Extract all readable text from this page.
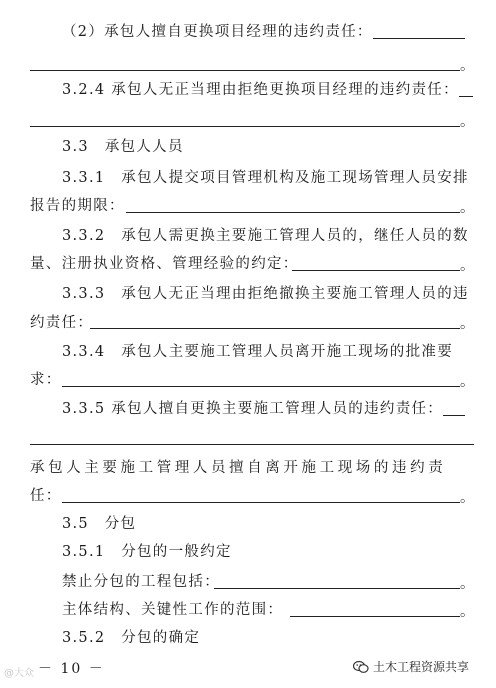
（2）承包人擅自更换项目经理的违约责任：
。
3.2.4 承包人无正当理由拒绝更换项目经理的违约责任：
。
3.3　承包人人员
3.3.1　承包人提交项目管理机构及施工现场管理人员安排
报告的期限：	。
3.3.2　承包人需更换主要施工管理人员的，继任人员的数
量、注册执业资格、管理经验的约定：	。
3.3.3　承包人无正当理由拒绝撤换主要施工管理人员的违
约责任：	。
3.3.4　承包人主要施工管理人员离开施工现场的批准要
求：	。
3.3.5 承包人擅自更换主要施工管理人员的违约责任：
承包人主要施工管理人员擅自离开施工现场的违约责
任：	。
3.5　分包
3.5.1　分包的一般约定
禁止分包的工程包括：	。
主体结构、关键性工作的范围：	。
3.5.2　分包的确定
－ 10 －
@大众	土木工程资源共享
